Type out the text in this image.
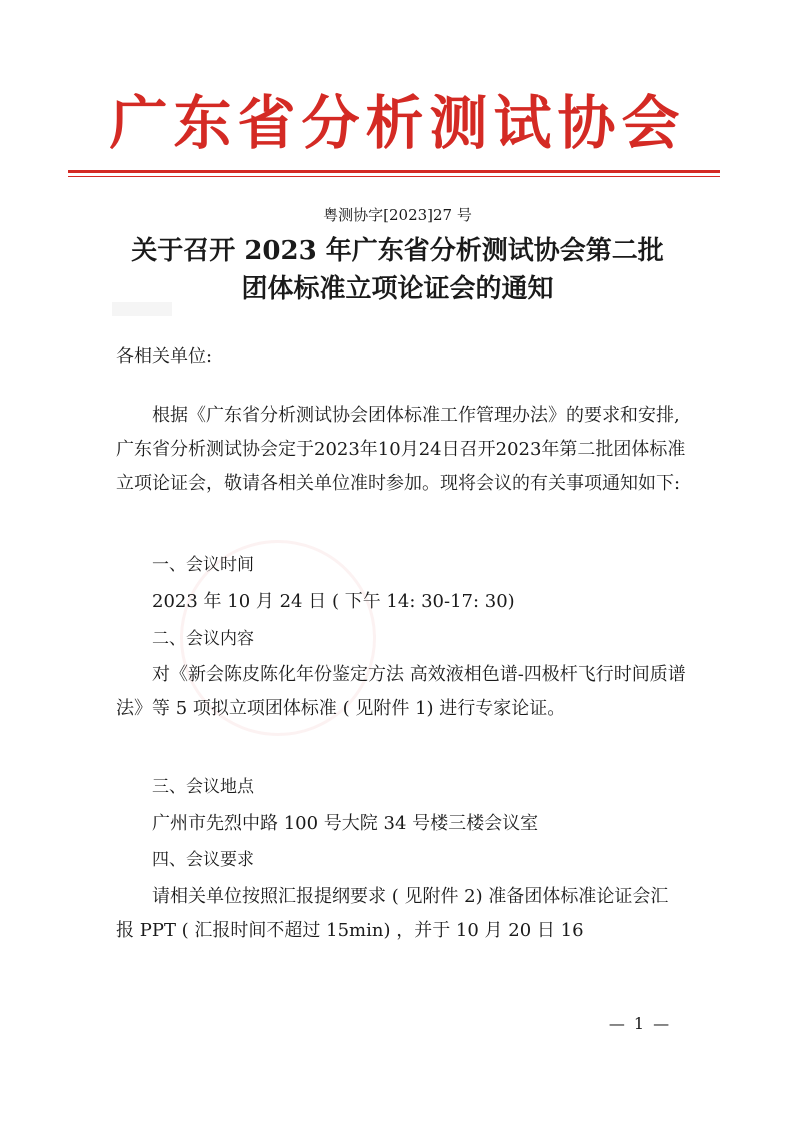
广东省分析测试协会
粤测协字[2023]27 号
关于召开 2023 年广东省分析测试协会第二批
团体标准立项论证会的通知
各相关单位:
根据《广东省分析测试协会团体标准工作管理办法》的要求和安排,广东省分析测试协会定于2023年10月24日召开2023年第二批团体标准立项论证会，敬请各相关单位准时参加。现将会议的有关事项通知如下:
一、会议时间
2023 年 10 月 24 日 ( 下午 14: 30-17: 30)
二、会议内容
对《新会陈皮陈化年份鉴定方法 高效液相色谱-四极杆飞行时间质谱法》等 5 项拟立项团体标准 ( 见附件 1) 进行专家论证。
三、会议地点
广州市先烈中路 100 号大院 34 号楼三楼会议室
四、会议要求
请相关单位按照汇报提纲要求 ( 见附件 2) 准备团体标准论证会汇报 PPT ( 汇报时间不超过 15min) ，并于 10 月 20 日 16
— 1 —
